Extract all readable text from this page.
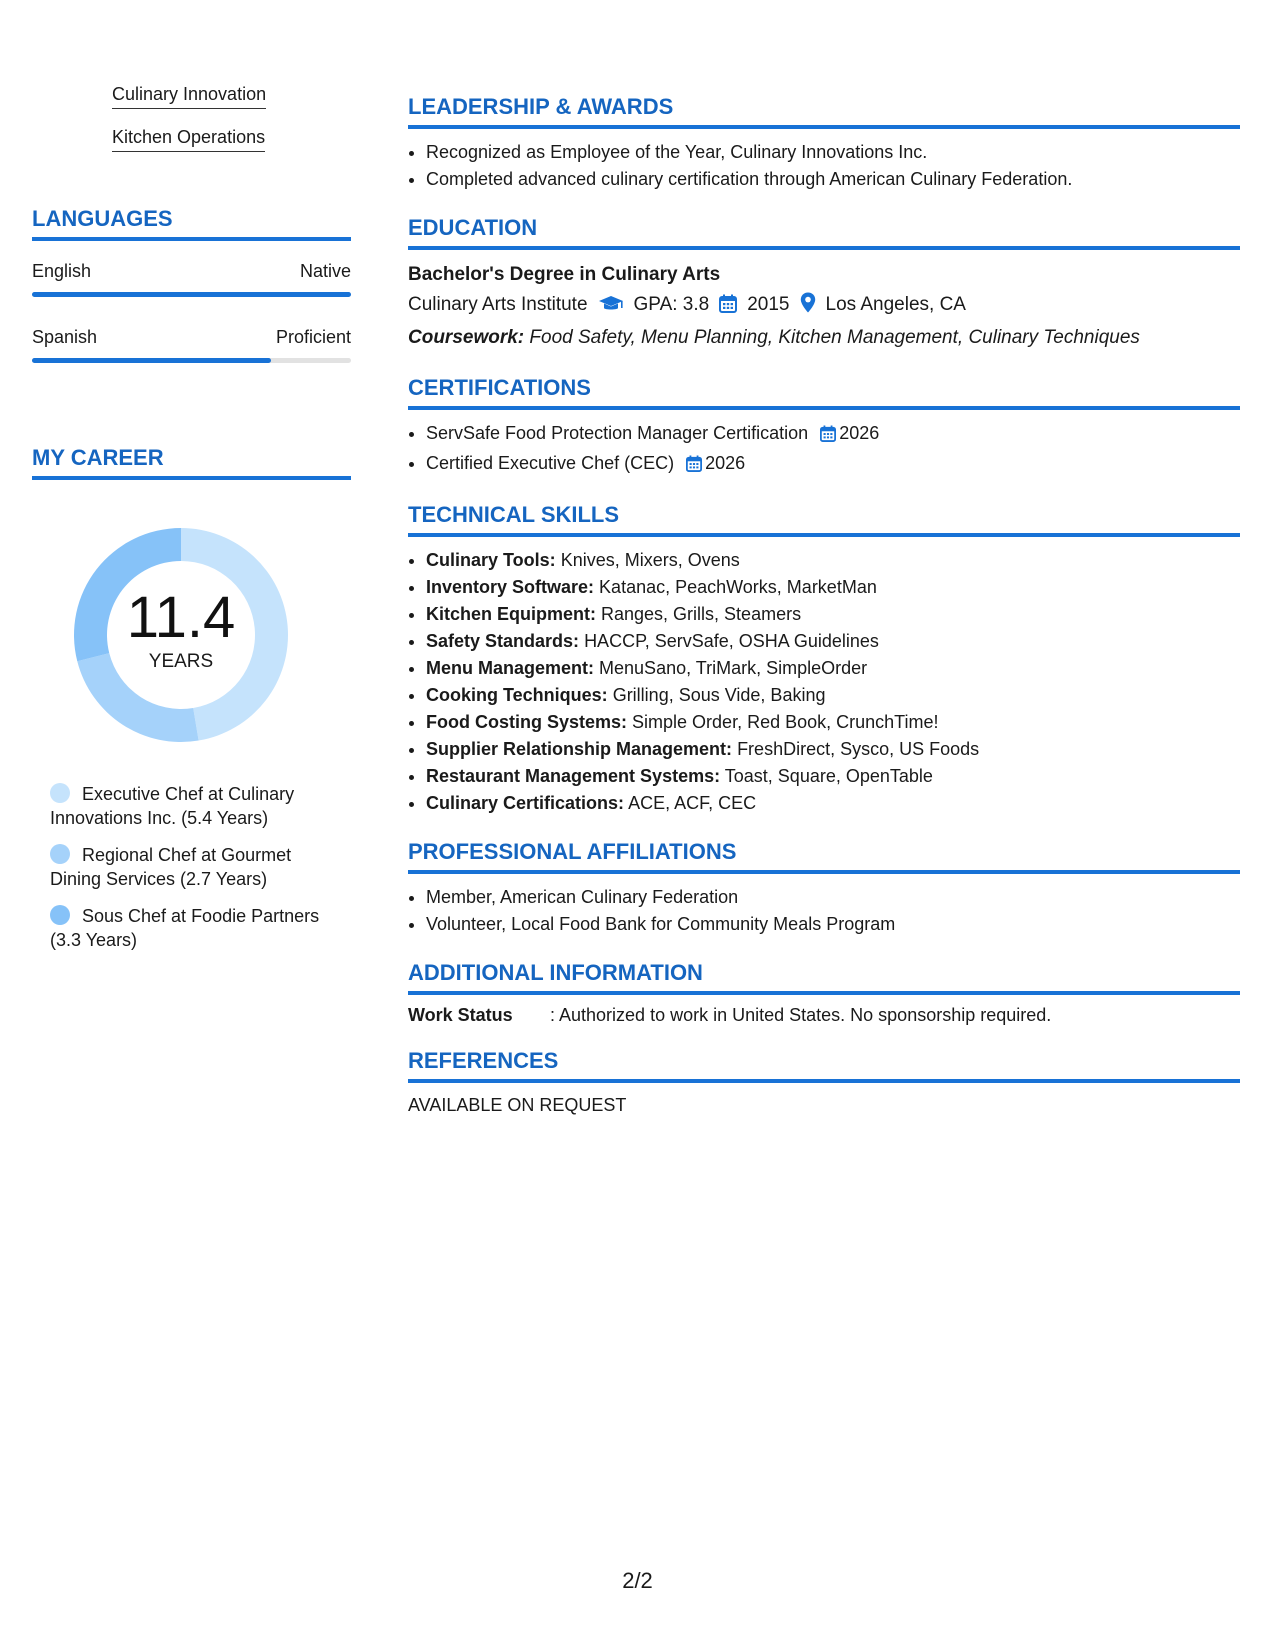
Culinary Innovation
Kitchen Operations
LANGUAGES
English	Native
Spanish	Proficient
MY CAREER
11.4
YEARS
Executive Chef at Culinary Innovations Inc. (5.4 Years)
Regional Chef at Gourmet Dining Services (2.7 Years)
Sous Chef at Foodie Partners (3.3 Years)
LEADERSHIP & AWARDS
• Recognized as Employee of the Year, Culinary Innovations Inc.
• Completed advanced culinary certification through American Culinary Federation.
EDUCATION
Bachelor's Degree in Culinary Arts
Culinary Arts Institute GPA: 3.8 2015 Los Angeles, CA
Coursework: Food Safety, Menu Planning, Kitchen Management, Culinary Techniques
CERTIFICATIONS
• ServSafe Food Protection Manager Certification 2026
• Certified Executive Chef (CEC) 2026
TECHNICAL SKILLS
• Culinary Tools: Knives, Mixers, Ovens
• Inventory Software: Katanac, PeachWorks, MarketMan
• Kitchen Equipment: Ranges, Grills, Steamers
• Safety Standards: HACCP, ServSafe, OSHA Guidelines
• Menu Management: MenuSano, TriMark, SimpleOrder
• Cooking Techniques: Grilling, Sous Vide, Baking
• Food Costing Systems: Simple Order, Red Book, CrunchTime!
• Supplier Relationship Management: FreshDirect, Sysco, US Foods
• Restaurant Management Systems: Toast, Square, OpenTable
• Culinary Certifications: ACE, ACF, CEC
PROFESSIONAL AFFILIATIONS
• Member, American Culinary Federation
• Volunteer, Local Food Bank for Community Meals Program
ADDITIONAL INFORMATION
Work Status	: Authorized to work in United States. No sponsorship required.
REFERENCES
AVAILABLE ON REQUEST
2/2
